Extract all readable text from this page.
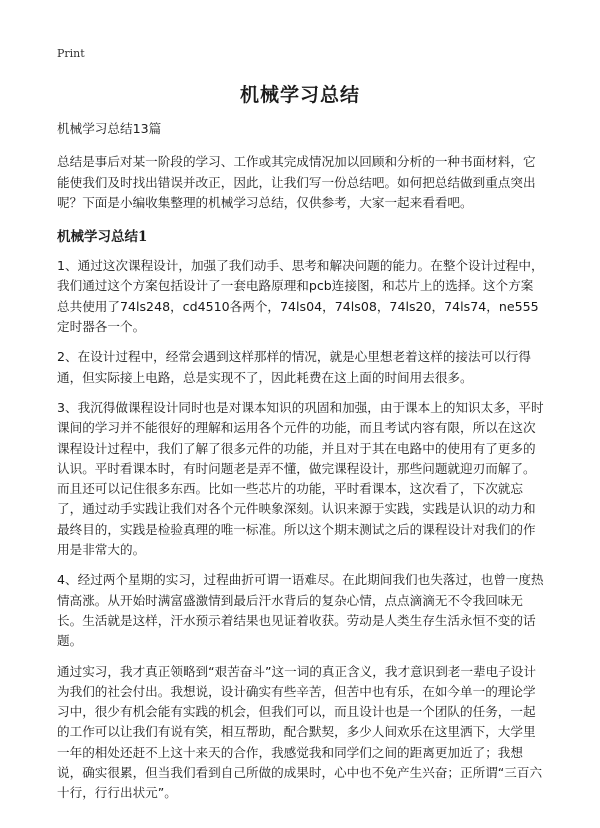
Print
机械学习总结

机械学习总结13篇

总结是事后对某一阶段的学习、工作或其完成情况加以回顾和分析的一种书面材料，它能使我们及时找出错误并改正，因此，让我们写一份总结吧。如何把总结做到重点突出呢？下面是小编收集整理的机械学习总结，仅供参考，大家一起来看看吧。

机械学习总结1

1、通过这次课程设计，加强了我们动手、思考和解决问题的能力。在整个设计过程中，我们通过这个方案包括设计了一套电路原理和pcb连接图，和芯片上的选择。这个方案总共使用了74ls248，cd4510各两个，74ls04，74ls08，74ls20，74ls74，ne555定时器各一个。

2、在设计过程中，经常会遇到这样那样的情况，就是心里想老着这样的接法可以行得通，但实际接上电路，总是实现不了，因此耗费在这上面的时间用去很多。

3、我沉得做课程设计同时也是对课本知识的巩固和加强，由于课本上的知识太多，平时课间的学习并不能很好的理解和运用各个元件的功能，而且考试内容有限，所以在这次课程设计过程中，我们了解了很多元件的功能，并且对于其在电路中的使用有了更多的认识。平时看课本时，有时问题老是弄不懂，做完课程设计，那些问题就迎刃而解了。而且还可以记住很多东西。比如一些芯片的功能，平时看课本，这次看了，下次就忘了，通过动手实践让我们对各个元件映象深刻。认识来源于实践，实践是认识的动力和最终目的，实践是检验真理的唯一标准。所以这个期末测试之后的课程设计对我们的作用是非常大的。

4、经过两个星期的实习，过程曲折可谓一语难尽。在此期间我们也失落过，也曾一度热情高涨。从开始时满富盛激情到最后汗水背后的复杂心情，点点滴滴无不令我回味无长。生活就是这样，汗水预示着结果也见证着收获。劳动是人类生存生活永恒不变的话题。

通过实习，我才真正领略到“艰苦奋斗”这一词的真正含义，我才意识到老一辈电子设计为我们的社会付出。我想说，设计确实有些辛苦，但苦中也有乐，在如今单一的理论学习中，很少有机会能有实践的机会，但我们可以，而且设计也是一个团队的任务，一起的工作可以让我们有说有笑，相互帮助，配合默契，多少人间欢乐在这里洒下，大学里一年的相处还赶不上这十来天的合作，我感觉我和同学们之间的距离更加近了；我想说，确实很累，但当我们看到自己所做的成果时，心中也不免产生兴奋；正所谓“三百六十行，行行出状元”。
